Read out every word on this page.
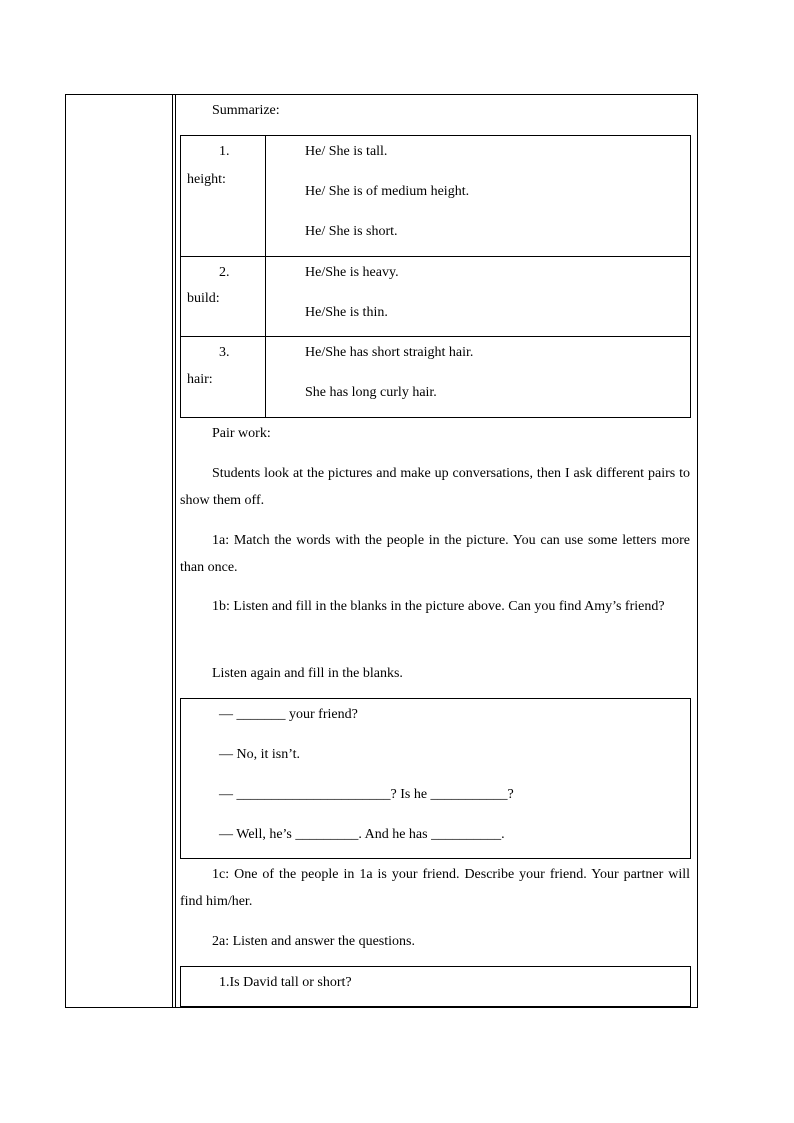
Summarize:
1.
height:
He/ She is tall.
He/ She is of medium height.
He/ She is short.
2.
build:
He/She is heavy.
He/She is thin.
3.
hair:
He/She has short straight hair.
She has long curly hair.
Pair work:
Students look at the pictures and make up conversations, then I ask different pairs to show them off.
1a: Match the words with the people in the picture. You can use some letters more than once.
1b: Listen and fill in the blanks in the picture above. Can you find Amy’s friend?
Listen again and fill in the blanks.
— _______ your friend?
— No, it isn’t.
— ______________________? Is he ___________?
— Well, he’s _________. And he has __________.
1c: One of the people in 1a is your friend. Describe your friend. Your partner will find him/her.
2a: Listen and answer the questions.
1.Is David tall or short?
